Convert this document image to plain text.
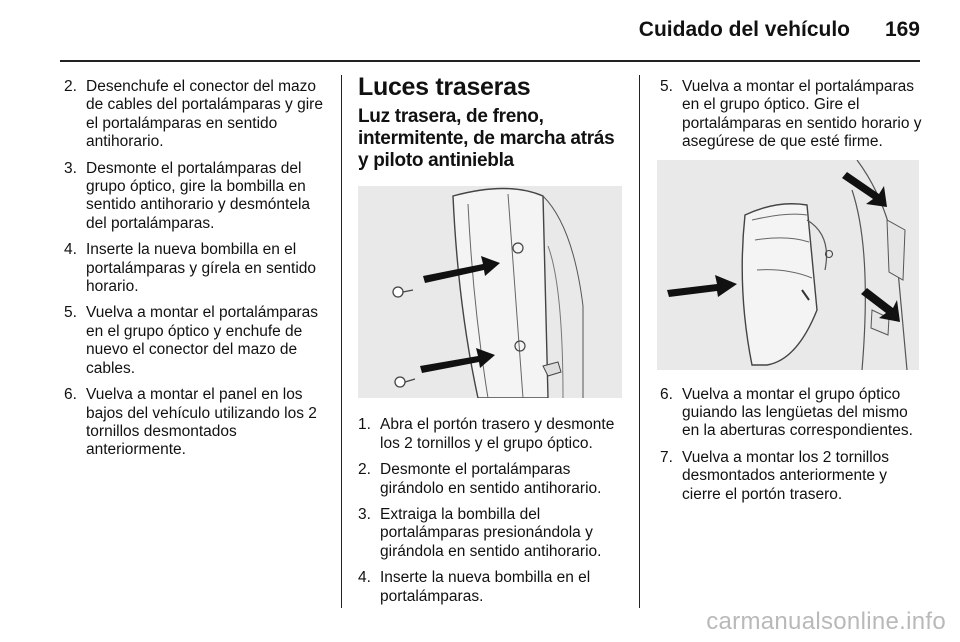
Cuidado del vehículo 169
2. Desenchufe el conector del mazo de cables del portalámparas y gire el portalámparas en sentido antihorario.
3. Desmonte el portalámparas del grupo óptico, gire la bombilla en sentido antihorario y desmóntela del portalámparas.
4. Inserte la nueva bombilla en el portalámparas y gírela en sentido horario.
5. Vuelva a montar el portalámparas en el grupo óptico y enchufe de nuevo el conector del mazo de cables.
6. Vuelva a montar el panel en los bajos del vehículo utilizando los 2 tornillos desmontados anteriormente.
Luces traseras
Luz trasera, de freno, intermitente, de marcha atrás y piloto antiniebla
1. Abra el portón trasero y desmonte los 2 tornillos y el grupo óptico.
2. Desmonte el portalámparas girándolo en sentido antihorario.
3. Extraiga la bombilla del portalámparas presionándola y girándola en sentido antihorario.
4. Inserte la nueva bombilla en el portalámparas.
5. Vuelva a montar el portalámparas en el grupo óptico. Gire el portalámparas en sentido horario y asegúrese de que esté firme.
6. Vuelva a montar el grupo óptico guiando las lengüetas del mismo en la aberturas correspondientes.
7. Vuelva a montar los 2 tornillos desmontados anteriormente y cierre el portón trasero.
carmanualsonline.info
